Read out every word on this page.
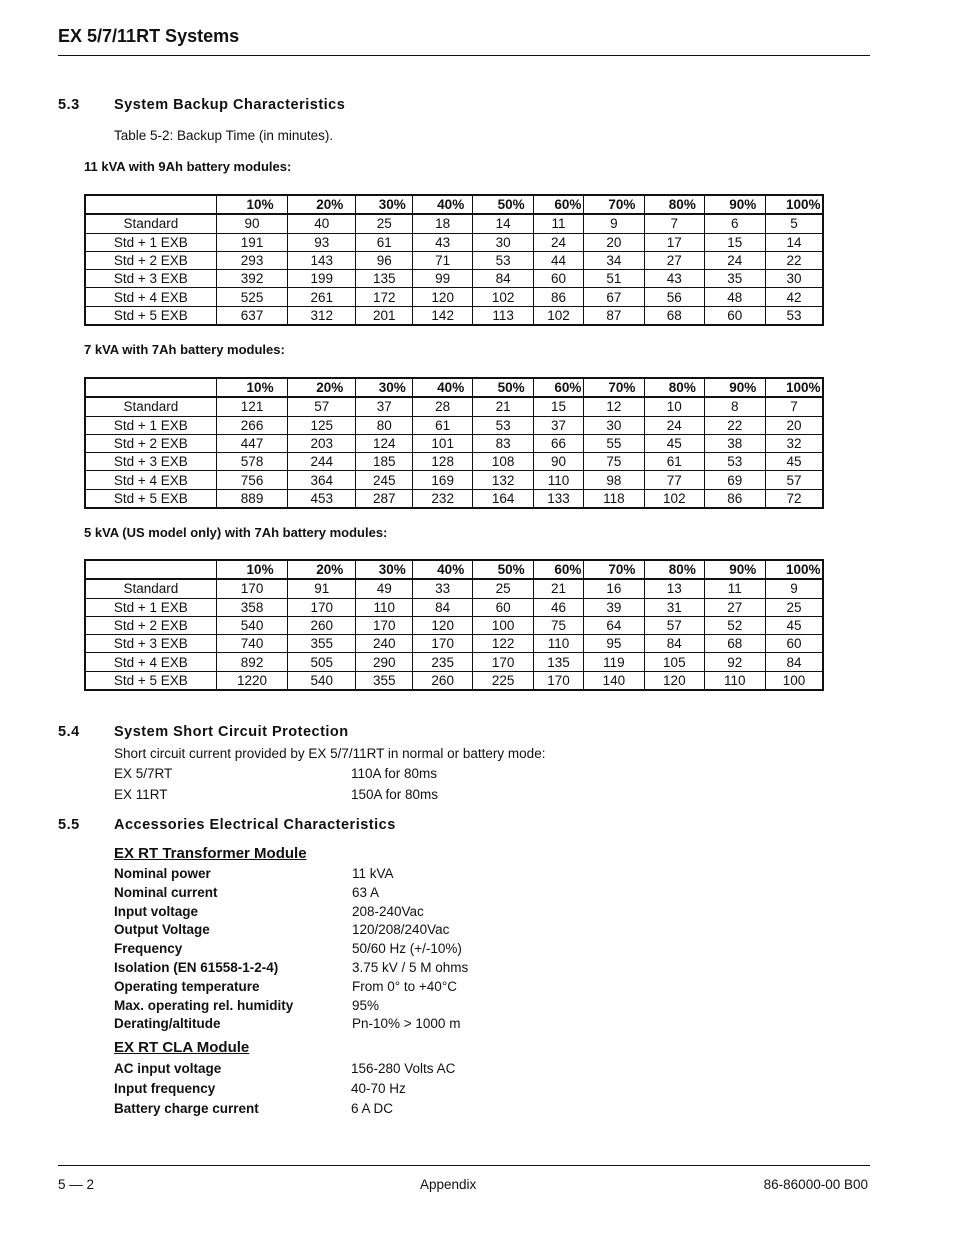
EX 5/7/11RT Systems
5.3 System Backup Characteristics
Table 5-2: Backup Time (in minutes).
11 kVA with 9Ah battery modules:
	10%	20%	30%	40%	50%	60%	70%	80%	90%	100%
Standard	90	40	25	18	14	11	9	7	6	5
Std + 1 EXB	191	93	61	43	30	24	20	17	15	14
Std + 2 EXB	293	143	96	71	53	44	34	27	24	22
Std + 3 EXB	392	199	135	99	84	60	51	43	35	30
Std + 4 EXB	525	261	172	120	102	86	67	56	48	42
Std + 5 EXB	637	312	201	142	113	102	87	68	60	53
7 kVA with 7Ah battery modules:
	10%	20%	30%	40%	50%	60%	70%	80%	90%	100%
Standard	121	57	37	28	21	15	12	10	8	7
Std + 1 EXB	266	125	80	61	53	37	30	24	22	20
Std + 2 EXB	447	203	124	101	83	66	55	45	38	32
Std + 3 EXB	578	244	185	128	108	90	75	61	53	45
Std + 4 EXB	756	364	245	169	132	110	98	77	69	57
Std + 5 EXB	889	453	287	232	164	133	118	102	86	72
5 kVA (US model only) with 7Ah battery modules:
	10%	20%	30%	40%	50%	60%	70%	80%	90%	100%
Standard	170	91	49	33	25	21	16	13	11	9
Std + 1 EXB	358	170	110	84	60	46	39	31	27	25
Std + 2 EXB	540	260	170	120	100	75	64	57	52	45
Std + 3 EXB	740	355	240	170	122	110	95	84	68	60
Std + 4 EXB	892	505	290	235	170	135	119	105	92	84
Std + 5 EXB	1220	540	355	260	225	170	140	120	110	100
5.4 System Short Circuit Protection
Short circuit current provided by EX 5/7/11RT in normal or battery mode:
EX 5/7RT	110A for 80ms
EX 11RT	150A for 80ms
5.5 Accessories Electrical Characteristics
EX RT Transformer Module
Nominal power	11 kVA
Nominal current	63 A
Input voltage	208-240Vac
Output Voltage	120/208/240Vac
Frequency	50/60 Hz (+/-10%)
Isolation (EN 61558-1-2-4)	3.75 kV / 5 M ohms
Operating temperature	From 0° to +40°C
Max. operating rel. humidity	95%
Derating/altitude	Pn-10% > 1000 m
EX RT CLA Module
AC input voltage	156-280 Volts AC
Input frequency	40-70 Hz
Battery charge current	6 A DC
5 — 2	Appendix	86-86000-00 B00
